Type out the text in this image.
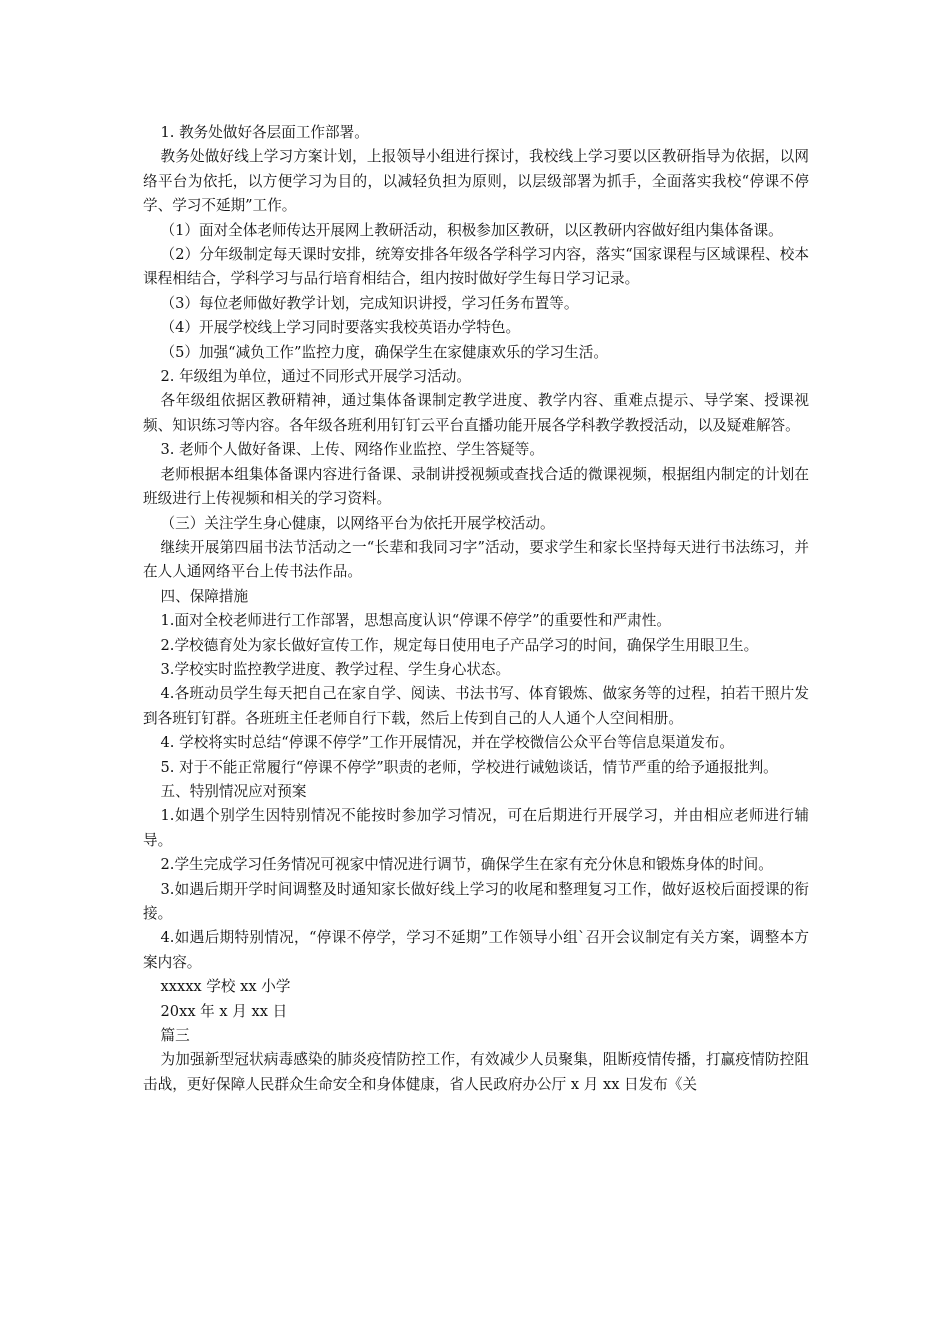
1. 教务处做好各层面工作部署。

教务处做好线上学习方案计划，上报领导小组进行探讨，我校线上学习要以区教研指导为依据，以网络平台为依托，以方便学习为目的，以减轻负担为原则，以层级部署为抓手，全面落实我校“停课不停学、学习不延期”工作。

（1）面对全体老师传达开展网上教研活动，积极参加区教研，以区教研内容做好组内集体备课。

（2）分年级制定每天课时安排，统筹安排各年级各学科学习内容，落实“国家课程与区域课程、校本课程相结合，学科学习与品行培育相结合，组内按时做好学生每日学习记录。

（3）每位老师做好教学计划，完成知识讲授，学习任务布置等。

（4）开展学校线上学习同时要落实我校英语办学特色。

（5）加强“减负工作”监控力度，确保学生在家健康欢乐的学习生活。

2. 年级组为单位，通过不同形式开展学习活动。

各年级组依据区教研精神，通过集体备课制定教学进度、教学内容、重难点提示、导学案、授课视频、知识练习等内容。各年级各班利用钉钉云平台直播功能开展各学科教学教授活动，以及疑难解答。

3. 老师个人做好备课、上传、网络作业监控、学生答疑等。

老师根据本组集体备课内容进行备课、录制讲授视频或查找合适的微课视频，根据组内制定的计划在班级进行上传视频和相关的学习资料。

（三）关注学生身心健康，以网络平台为依托开展学校活动。

继续开展第四届书法节活动之一“长辈和我同习字”活动，要求学生和家长坚持每天进行书法练习，并在人人通网络平台上传书法作品。

四、保障措施

1.面对全校老师进行工作部署，思想高度认识“停课不停学”的重要性和严肃性。

2.学校德育处为家长做好宣传工作，规定每日使用电子产品学习的时间，确保学生用眼卫生。

3.学校实时监控教学进度、教学过程、学生身心状态。

4.各班动员学生每天把自己在家自学、阅读、书法书写、体育锻炼、做家务等的过程，拍若干照片发到各班钉钉群。各班班主任老师自行下载，然后上传到自己的人人通个人空间相册。

4. 学校将实时总结“停课不停学”工作开展情况，并在学校微信公众平台等信息渠道发布。

5. 对于不能正常履行“停课不停学”职责的老师，学校进行诫勉谈话，情节严重的给予通报批判。

五、特别情况应对预案

1.如遇个别学生因特别情况不能按时参加学习情况，可在后期进行开展学习，并由相应老师进行辅导。

2.学生完成学习任务情况可视家中情况进行调节，确保学生在家有充分休息和锻炼身体的时间。

3.如遇后期开学时间调整及时通知家长做好线上学习的收尾和整理复习工作，做好返校后面授课的衔接。

4.如遇后期特别情况，“停课不停学，学习不延期”工作领导小组`召开会议制定有关方案，调整本方案内容。

xxxxx 学校 xx 小学

20xx 年 x 月 xx 日

篇三

为加强新型冠状病毒感染的肺炎疫情防控工作，有效减少人员聚集，阻断疫情传播，打赢疫情防控阻击战，更好保障人民群众生命安全和身体健康，省人民政府办公厅 x 月 xx 日发布《关
